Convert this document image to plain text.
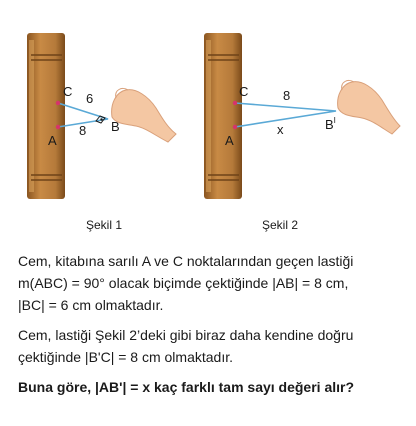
C
A
B
6
8
Şekil 1
C
A
$B^I$
8
x
Şekil 2
Cem, kitabına sarılı A ve C noktalarından geçen lastiği
m(ABC) = 90° olacak biçimde çektiğinde |AB| = 8 cm,
|BC| = 6 cm olmaktadır.
Cem, lastiği Şekil 2’deki gibi biraz daha kendine doğru
çektiğinde |B'C| = 8 cm olmaktadır.
Buna göre, |AB'| = x kaç farklı tam sayı değeri alır?
